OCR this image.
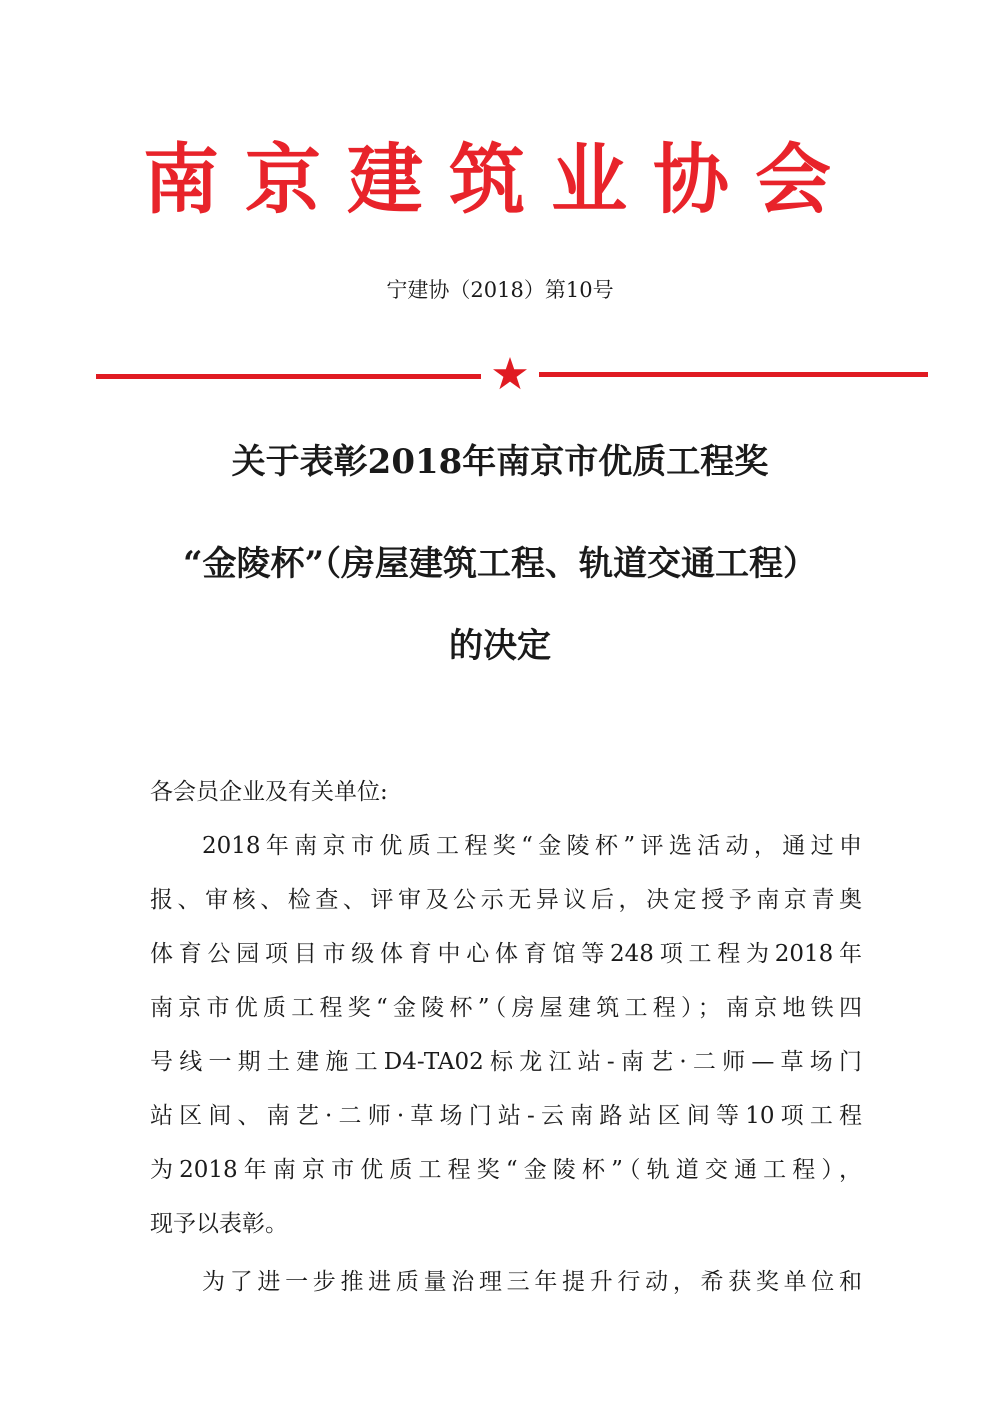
南京建筑业协会
宁建协（2018）第10号
关于表彰2018年南京市优质工程奖
“金陵杯”（房屋建筑工程、轨道交通工程）
的决定
各会员企业及有关单位:
2018年南京市优质工程奖“金陵杯”评选活动，通过申
报、审核、检查、评审及公示无异议后，决定授予南京青奥
体育公园项目市级体育中心体育馆等248项工程为2018年
南京市优质工程奖“金陵杯”（房屋建筑工程）；南京地铁四
号线一期土建施工D4-TA02标龙江站-南艺·二师—草场门
站区间、南艺·二师·草场门站-云南路站区间等10项工程
为2018年南京市优质工程奖“金陵杯”（轨道交通工程），
现予以表彰。
为了进一步推进质量治理三年提升行动，希获奖单位和
